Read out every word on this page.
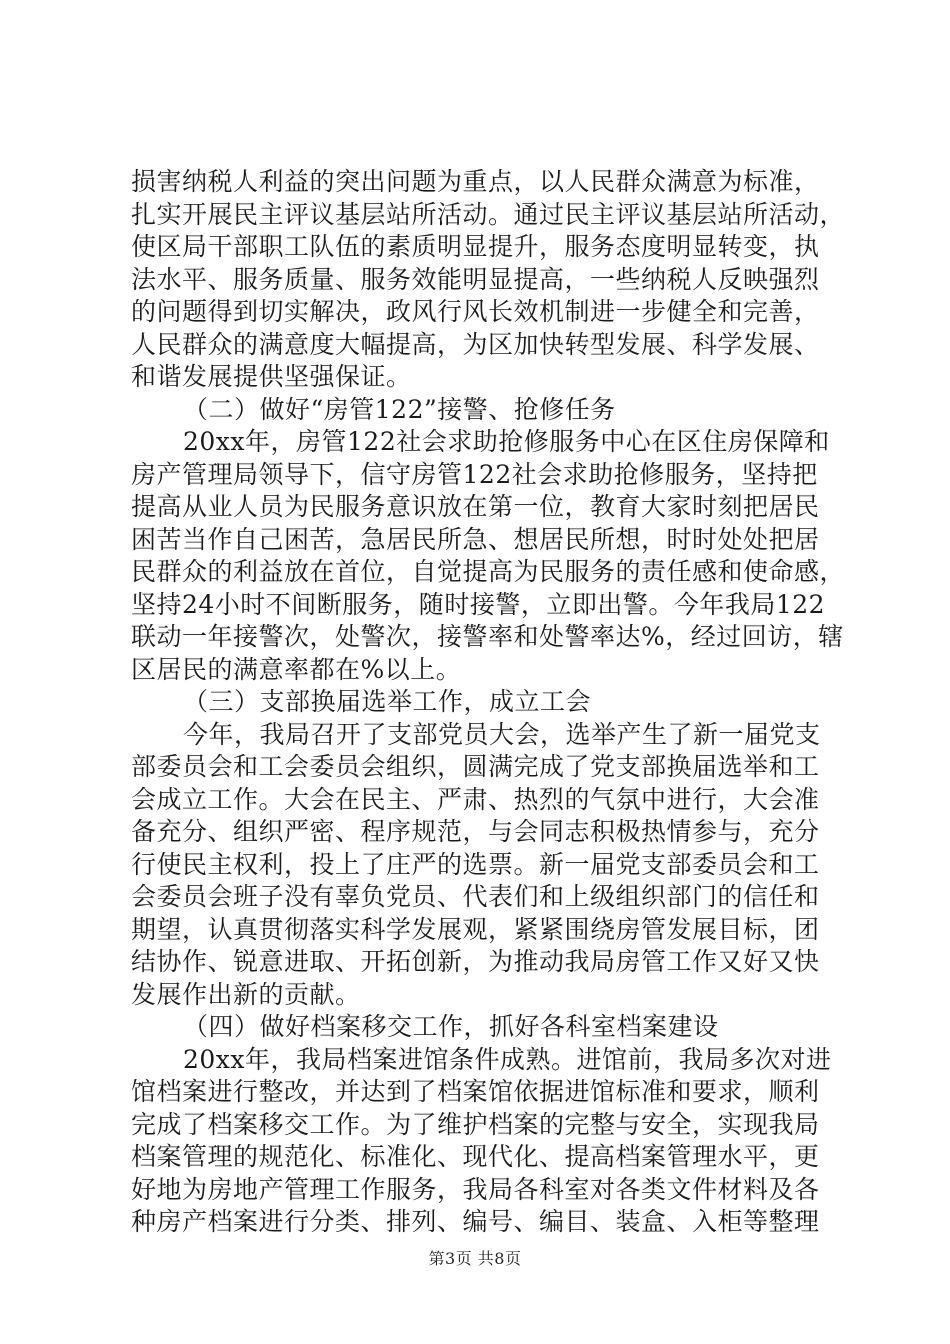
损害纳税人利益的突出问题为重点，以人民群众满意为标准，
扎实开展民主评议基层站所活动。通过民主评议基层站所活动，
使区局干部职工队伍的素质明显提升，服务态度明显转变，执
法水平、服务质量、服务效能明显提高，一些纳税人反映强烈
的问题得到切实解决，政风行风长效机制进一步健全和完善，
人民群众的满意度大幅提高，为区加快转型发展、科学发展、
和谐发展提供坚强保证。
（二）做好“房管122”接警、抢修任务
20xx年，房管122社会求助抢修服务中心在区住房保障和
房产管理局领导下，信守房管122社会求助抢修服务，坚持把
提高从业人员为民服务意识放在第一位，教育大家时刻把居民
困苦当作自己困苦，急居民所急、想居民所想，时时处处把居
民群众的利益放在首位，自觉提高为民服务的责任感和使命感，
坚持24小时不间断服务，随时接警，立即出警。今年我局122
联动一年接警次，处警次，接警率和处警率达%，经过回访，辖
区居民的满意率都在%以上。
（三）支部换届选举工作，成立工会
今年，我局召开了支部党员大会，选举产生了新一届党支
部委员会和工会委员会组织，圆满完成了党支部换届选举和工
会成立工作。大会在民主、严肃、热烈的气氛中进行，大会准
备充分、组织严密、程序规范，与会同志积极热情参与，充分
行使民主权利，投上了庄严的选票。新一届党支部委员会和工
会委员会班子没有辜负党员、代表们和上级组织部门的信任和
期望，认真贯彻落实科学发展观，紧紧围绕房管发展目标，团
结协作、锐意进取、开拓创新，为推动我局房管工作又好又快
发展作出新的贡献。
（四）做好档案移交工作，抓好各科室档案建设
20xx年，我局档案进馆条件成熟。进馆前，我局多次对进
馆档案进行整改，并达到了档案馆依据进馆标准和要求，顺利
完成了档案移交工作。为了维护档案的完整与安全，实现我局
档案管理的规范化、标准化、现代化、提高档案管理水平，更
好地为房地产管理工作服务，我局各科室对各类文件材料及各
种房产档案进行分类、排列、编号、编目、装盒、入柜等整理
第3页 共8页
